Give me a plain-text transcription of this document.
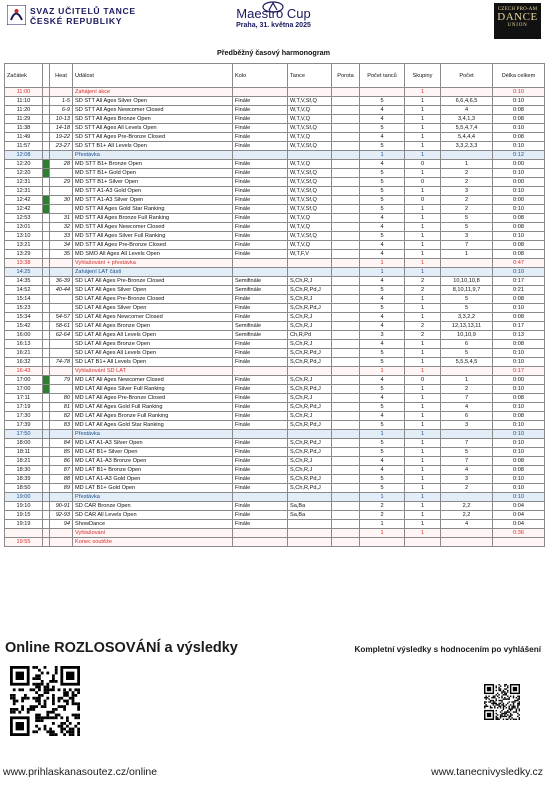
SVAZ UČITELŮ TANCE
ČESKÉ REPUBLIKY	Maestro Cup
Praha, 31. května 2025
CZECH PRO-AM
DANCE
UNION
Předběžný časový harmonogram
Začátek		Heat	Událost	Kolo	Tance	Porota	Počet tanců	Skupiny	Počet	Délka celkem
11:00			Zahájení akce					1		0:10
11:10		1-5	SD STT All Ages Silver Open	Finále	W,T,V,Sf,Q		5	1	6,6,4,6,5	0:10
11:20		6-9	SD STT All Ages Newcomer Closed	Finále	W,T,V,Q		4	1	4	0:08
11:29		10-13	SD STT All Ages Bronze Open	Finále	W,T,V,Q		4	1	3,4,1,3	0:08
11:38		14-18	SD STT All Ages All Levels Open	Finále	W,T,V,Sf,Q		5	1	5,5,4,7,4	0:10
11:49		19-22	SD STT All Ages Pre-Bronze Closed	Finále	W,T,V,Q		4	1	5,4,4,4	0:08
11:57		23-27	SD STT B1+ All Levels Open	Finále	W,T,V,Sf,Q		5	1	3,3,2,3,3	0:10
12:08			Přestávka				1	1		0:12
12:20		28	MD STT B1+ Bronze Open	Finále	W,T,V,Q		4	0	1	0:00
12:20			MD STT B1+ Gold Open	Finále	W,T,V,Sf,Q		5	1	2	0:10
12:31		29	MD STT B1+ Silver Open	Finále	W,T,V,Sf,Q		5	0	2	0:00
12:31			MD STT A1-A3 Gold Open	Finále	W,T,V,Sf,Q		5	1	3	0:10
12:42		30	MD STT A1-A3 Silver Open	Finále	W,T,V,Sf,Q		5	0	2	0:00
12:42			MD STT All Ages Gold Star Ranking	Finále	W,T,V,Sf,Q		5	1	2	0:10
12:53		31	MD STT All Ages Bronze Full Ranking	Finále	W,T,V,Q		4	1	5	0:08
13:01		32	MD STT All Ages Newcomer Closed	Finále	W,T,V,Q		4	1	5	0:08
13:10		33	MD STT All Ages Silver Full Ranking	Finále	W,T,V,Sf,Q		5	1	3	0:10
13:21		34	MD STT All Ages Pre-Bronze Closed	Finále	W,T,V,Q		4	1	7	0:08
13:29		35	MD SMO All Ages All Levels Open	Finále	W,T,F,V		4	1	1	0:08
13:38			Vyhlašování + přestávka				1	1		0:47
14:25			Zahájení LAT části				1	1		0:10
14:35		36-39	SD LAT All Ages Pre-Bronze Closed	Semifinále	S,Ch,R,J		4	2	10,10,10,8	0:17
14:52		40-44	SD LAT All Ages Silver Open	Semifinále	S,Ch,R,Pd,J		5	2	8,10,11,9,7	0:21
15:14			SD LAT All Ages Pre-Bronze Closed	Finále	S,Ch,R,J		4	1	5	0:08
15:23			SD LAT All Ages Silver Open	Finále	S,Ch,R,Pd,J		5	1	5	0:10
15:34		54-57	SD LAT All Ages Newcomer Closed	Finále	S,Ch,R,J		4	1	3,3,2,2	0:08
15:42		58-61	SD LAT All Ages Bronze Open	Semifinále	S,Ch,R,J		4	2	12,13,13,11	0:17
16:00		62-64	SD LAT All Ages All Levels Open	Semifinále	Ch,R,Pd		3	2	10,10,9	0:13
16:13			SD LAT All Ages Bronze Open	Finále	S,Ch,R,J		4	1	6	0:08
16:21			SD LAT All Ages All Levels Open	Finále	S,Ch,R,Pd,J		5	1	5	0:10
16:32		74-78	SD LAT B1+ All Levels Open	Finále	S,Ch,R,Pd,J		5	1	5,5,5,4,5	0:10
16:43			Vyhlašování SD LAT				1	1		0:17
17:00		79	MD LAT All Ages Newcomer Closed	Finále	S,Ch,R,J		4	0	1	0:00
17:00			MD LAT All Ages Silver Full Ranking	Finále	S,Ch,R,Pd,J		5	1	2	0:10
17:11		80	MD LAT All Ages Pre-Bronze Closed	Finále	S,Ch,R,J		4	1	7	0:08
17:19		81	MD LAT All Ages Gold Full Ranking	Finále	S,Ch,R,Pd,J		5	1	4	0:10
17:30		82	MD LAT All Ages Bronze Full Ranking	Finále	S,Ch,R,J		4	1	6	0:08
17:39		83	MD LAT All Ages Gold Star Ranking	Finále	S,Ch,R,Pd,J		5	1	3	0:10
17:50			Přestávka				1	1		0:10
18:00		84	MD LAT A1-A3 Silver Open	Finále	S,Ch,R,Pd,J		5	1	7	0:10
18:11		85	MD LAT B1+ Silver Open	Finále	S,Ch,R,Pd,J		5	1	5	0:10
18:21		86	MD LAT A1-A3 Bronze Open	Finále	S,Ch,R,J		4	1	7	0:08
18:30		87	MD LAT B1+ Bronze Open	Finále	S,Ch,R,J		4	1	4	0:08
18:39		88	MD LAT A1-A3 Gold Open	Finále	S,Ch,R,Pd,J		5	1	3	0:10
18:50		89	MD LAT B1+ Gold Open	Finále	S,Ch,R,Pd,J		5	1	2	0:10
19:00			Přestávka				1	1		0:10
19:10		90-91	SD CAR Bronze Open	Finále	Sa,Ba		2	1	2,2	0:04
19:15		92-93	SD CAR All Levels Open	Finále	Sa,Ba		2	1	2,2	0:04
19:19		94	ShowDance	Finále			1	1	4	0:04
			Vyhlašování				1	1		0:36
19:55			Konec soutěže							
Online ROZLOSOVÁNÍ a výsledky	Kompletní výsledky s hodnocením po vyhlášení
www.prihlaskanasoutez.cz/online	www.tanecnivysledky.cz
